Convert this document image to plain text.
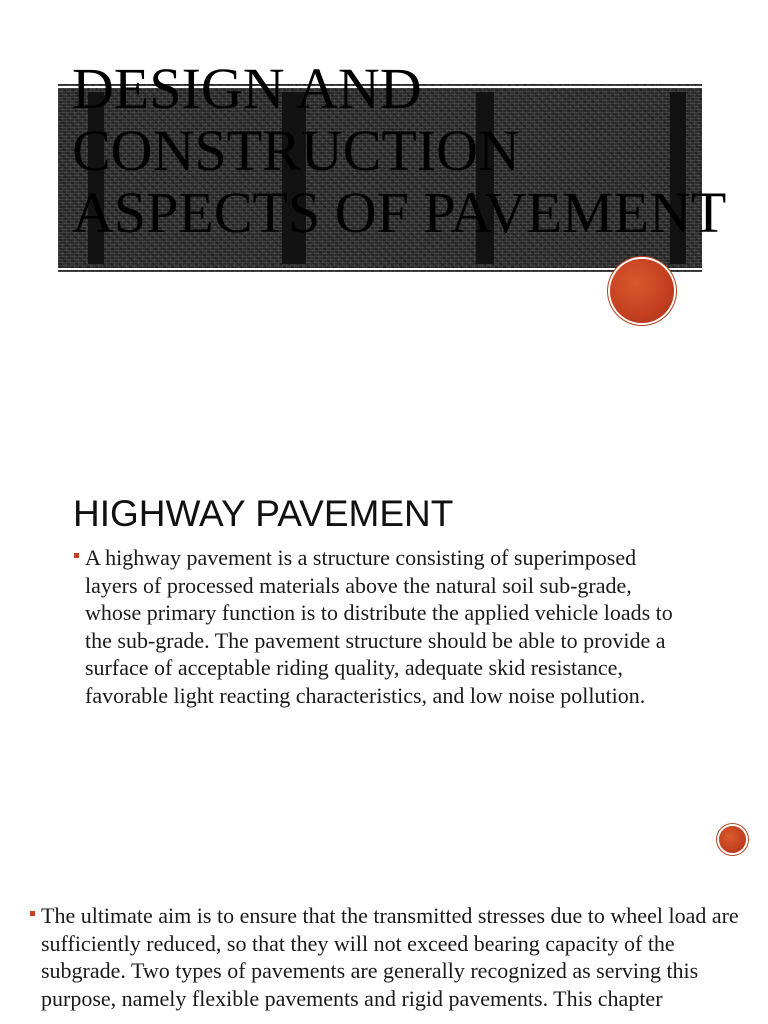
DESIGN AND CONSTRUCTION ASPECTS OF PAVEMENT
HIGHWAY PAVEMENT

A highway pavement is a structure consisting of superimposed layers of processed materials above the natural soil sub-grade, whose primary function is to distribute the applied vehicle loads to the sub-grade. The pavement structure should be able to provide a surface of acceptable riding quality, adequate skid resistance, favorable light reacting characteristics, and low noise pollution.

The ultimate aim is to ensure that the transmitted stresses due to wheel load are sufficiently reduced, so that they will not exceed bearing capacity of the subgrade. Two types of pavements are generally recognized as serving this purpose, namely flexible pavements and rigid pavements. This chapter
